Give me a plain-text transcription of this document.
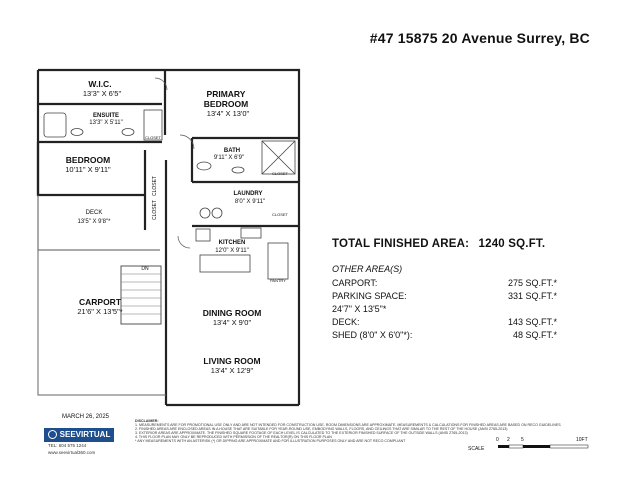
#47 15875 20 Avenue Surrey, BC
W.I.C.
PRIMARY
BEDROOM
BEDROOM
CARPORT
DINING ROOM
LIVING ROOM
13'3" X 6'5"
13'4" X 13'0"
10'11" X 9'11"
21'6" X 13'5"*
13'4" X 9'0"
13'4" X 12'9"
ENSUITE
13'3" X 5'11"
BATH
9'11" X 6'9"
LAUNDRY
8'0" X 9'11"
DECK
13'5" X 9'8"*
KITCHEN
12'0" X 9'11"
CLOSET
CLOSET
CLOSET
PANTRY
CLOSET
CLOSET
DN
TOTAL FINISHED AREA: 1240 SQ.FT.
OTHER AREA(S)
CARPORT:	275 SQ.FT.*
PARKING SPACE:	331 SQ.FT.*
24'7" X 13'5"*
DECK:	143 SQ.FT.*
SHED (8'0" X 6'0"*):	48 SQ.FT.*
MARCH 26, 2025
SEEVIRTUAL
TEL: 604 575 1244
www.seevirtual360.com
DISCLAIMER:
1. MEASUREMENTS ARE FOR PROMOTIONAL USE ONLY AND ARE NOT INTENDED FOR CONSTRUCTION USE. ROOM DIMENSIONS ARE APPROXIMATE. MEASUREMENTS & CALCULATIONS FOR FINISHED AREAS ARE BASED ON RECO GUIDELINES
2. FINISHED AREAS ARE ENCLOSED AREAS IN A HOUSE THAT ARE SUITABLE FOR YEAR-ROUND USE, EMBODYING WALLS, FLOORS, AND CEILINGS THAT ARE SIMILAR TO THE REST OF THE HOUSE (ANSI Z765-2013)
3. EXTERIOR AREAS ARE APPROXIMATE. THE FINISHED SQUARE FOOTAGE OF EACH LEVEL IS CALCULATED TO THE EXTERIOR FINISHED SURFACE OF THE OUTSIDE WALLS (ANSI Z765-2013)
4. THIS FLOOR PLAN MAY ONLY BE REPRODUCED WITH PERMISSION OF THE REALTOR(R) ON THIS FLOOR PLAN
* ANY MEASUREMENTS WITH AN ASTERISK (*) OR DIPPING ARE APPROXIMATE AND FOR ILLUSTRATION PURPOSES ONLY AND ARE NOT RECO COMPLIANT
SCALE
0 2 5	10FT
